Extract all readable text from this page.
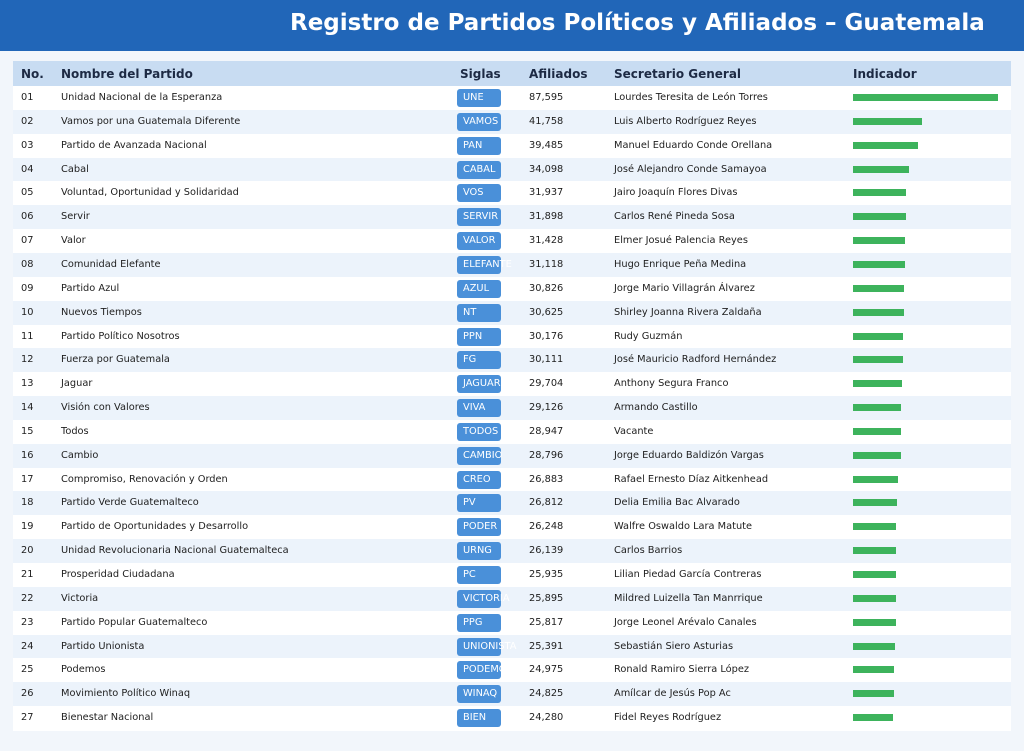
Registro de Partidos Políticos y Afiliados – Guatemala
No. Nombre del Partido	Siglas Afiliados Secretario General	Indicador
01	Unidad Nacional de la Esperanza	UNE	87,595	Lourdes Teresita de León Torres
02	Vamos por una Guatemala Diferente	VAMOS	41,758	Luis Alberto Rodríguez Reyes
03	Partido de Avanzada Nacional	PAN	39,485	Manuel Eduardo Conde Orellana
04	Cabal	CABAL	34,098	José Alejandro Conde Samayoa
05	Voluntad, Oportunidad y Solidaridad	VOS	31,937	Jairo Joaquín Flores Divas
06	Servir	SERVIR	31,898	Carlos René Pineda Sosa
07	Valor	VALOR	31,428	Elmer Josué Palencia Reyes
08	Comunidad Elefante	ELEFANTE 31,118	Hugo Enrique Peña Medina
09	Partido Azul	AZUL	30,826	Jorge Mario Villagrán Álvarez
10	Nuevos Tiempos	NT	30,625	Shirley Joanna Rivera Zaldaña
11	Partido Político Nosotros	PPN	30,176	Rudy Guzmán
12	Fuerza por Guatemala	FG	30,111	José Mauricio Radford Hernández
13	Jaguar	JAGUAR	29,704	Anthony Segura Franco
14	Visión con Valores	VIVA	29,126	Armando Castillo
15	Todos	TODOS	28,947	Vacante
16	Cambio	CAMBIO	28,796	Jorge Eduardo Baldizón Vargas
17	Compromiso, Renovación y Orden	CREO	26,883	Rafael Ernesto Díaz Aitkenhead
18	Partido Verde Guatemalteco	PV	26,812	Delia Emilia Bac Alvarado
19	Partido de Oportunidades y Desarrollo	PODER	26,248	Walfre Oswaldo Lara Matute
20	Unidad Revolucionaria Nacional Guatemalteca	URNG	26,139	Carlos Barrios
21	Prosperidad Ciudadana	PC	25,935	Lilian Piedad García Contreras
22	Victoria	VICTORIA 25,895	Mildred Luizella Tan Manrrique
23	Partido Popular Guatemalteco	PPG	25,817	Jorge Leonel Arévalo Canales
24	Partido Unionista	UNIONISTA 25,391	Sebastián Siero Asturias
25	Podemos	PODEMOS 24,975	Ronald Ramiro Sierra López
26	Movimiento Político Winaq	WINAQ	24,825	Amílcar de Jesús Pop Ac
27	Bienestar Nacional	BIEN	24,280	Fidel Reyes Rodríguez
